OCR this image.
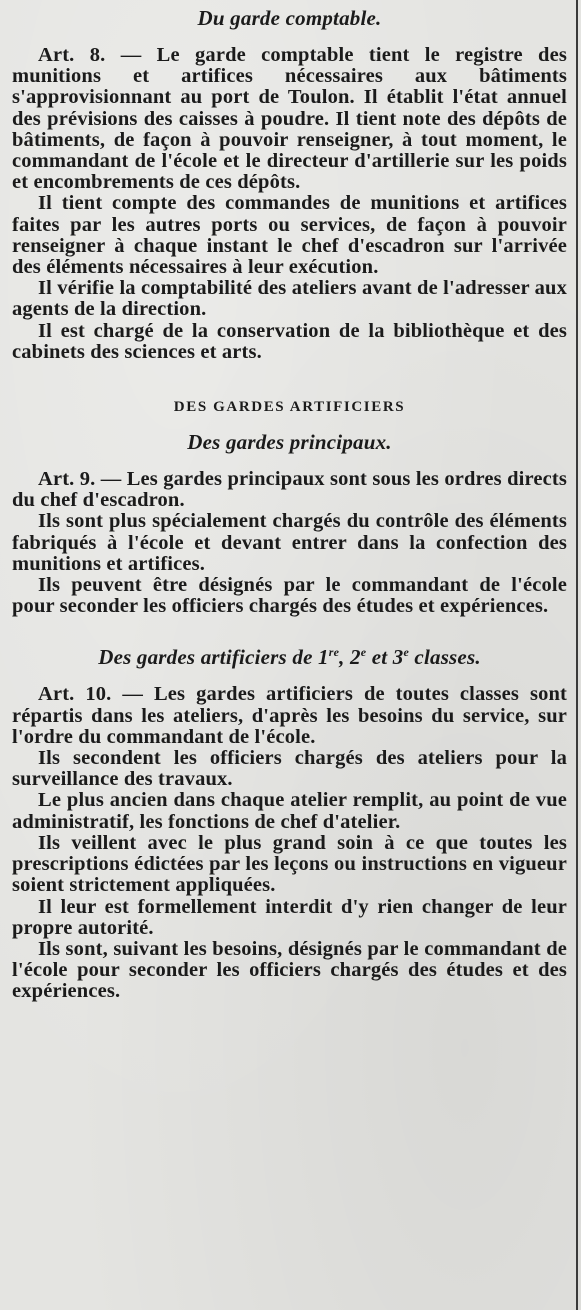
Du garde comptable.

Art. 8. — Le garde comptable tient le registre des munitions et artifices nécessaires aux bâtiments s'approvisionnant au port de Toulon. Il établit l'état annuel des prévisions des caisses à poudre. Il tient note des dépôts de bâtiments, de façon à pouvoir renseigner, à tout moment, le commandant de l'école et le directeur d'artillerie sur les poids et encombrements de ces dépôts.

Il tient compte des commandes de munitions et artifices faites par les autres ports ou services, de façon à pouvoir renseigner à chaque instant le chef d'escadron sur l'arrivée des éléments nécessaires à leur exécution.

Il vérifie la comptabilité des ateliers avant de l'adresser aux agents de la direction.

Il est chargé de la conservation de la bibliothèque et des cabinets des sciences et arts.

DES GARDES ARTIFICIERS
Des gardes principaux.

Art. 9. — Les gardes principaux sont sous les ordres directs du chef d'escadron.

Ils sont plus spécialement chargés du contrôle des éléments fabriqués à l'école et devant entrer dans la confection des munitions et artifices.

Ils peuvent être désignés par le commandant de l'école pour seconder les officiers chargés des études et expériences.

Des gardes artificiers de 1re, 2e et 3e classes.

Art. 10. — Les gardes artificiers de toutes classes sont répartis dans les ateliers, d'après les besoins du service, sur l'ordre du commandant de l'école.

Ils secondent les officiers chargés des ateliers pour la surveillance des travaux.

Le plus ancien dans chaque atelier remplit, au point de vue administratif, les fonctions de chef d'atelier.

Ils veillent avec le plus grand soin à ce que toutes les prescriptions édictées par les leçons ou instructions en vigueur soient strictement appliquées.

Il leur est formellement interdit d'y rien changer de leur propre autorité.

Ils sont, suivant les besoins, désignés par le commandant de l'école pour seconder les officiers chargés des études et des expériences.
